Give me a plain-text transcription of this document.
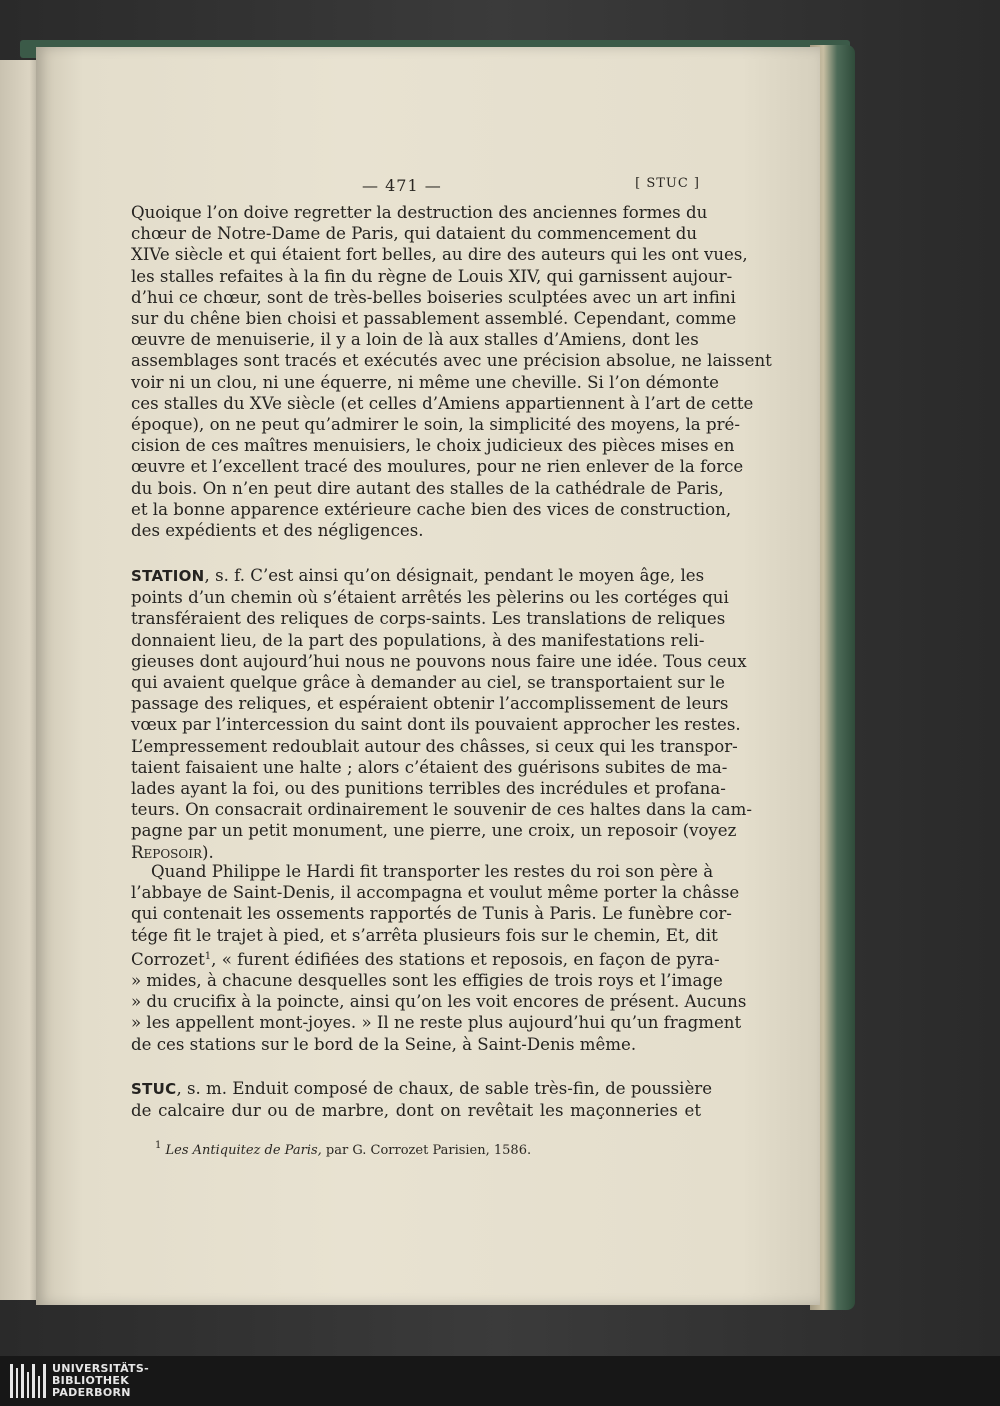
— 471 —	[ STUC ]
Quoique l’on doive regretter la destruction des anciennes formes du
chœur de Notre-Dame de Paris, qui dataient du commencement du
XIVe siècle et qui étaient fort belles, au dire des auteurs qui les ont vues,
les stalles refaites à la fin du règne de Louis XIV, qui garnissent aujour-
d’hui ce chœur, sont de très-belles boiseries sculptées avec un art infini
sur du chêne bien choisi et passablement assemblé. Cependant, comme
œuvre de menuiserie, il y a loin de là aux stalles d’Amiens, dont les
assemblages sont tracés et exécutés avec une précision absolue, ne laissent
voir ni un clou, ni une équerre, ni même une cheville. Si l’on démonte
ces stalles du XVe siècle (et celles d’Amiens appartiennent à l’art de cette
époque), on ne peut qu’admirer le soin, la simplicité des moyens, la pré-
cision de ces maîtres menuisiers, le choix judicieux des pièces mises en
œuvre et l’excellent tracé des moulures, pour ne rien enlever de la force
du bois. On n’en peut dire autant des stalles de la cathédrale de Paris,
et la bonne apparence extérieure cache bien des vices de construction,
des expédients et des négligences.
STATION, s. f. C’est ainsi qu’on désignait, pendant le moyen âge, les
points d’un chemin où s’étaient arrêtés les pèlerins ou les cortéges qui
transféraient des reliques de corps-saints. Les translations de reliques
donnaient lieu, de la part des populations, à des manifestations reli-
gieuses dont aujourd’hui nous ne pouvons nous faire une idée. Tous ceux
qui avaient quelque grâce à demander au ciel, se transportaient sur le
passage des reliques, et espéraient obtenir l’accomplissement de leurs
vœux par l’intercession du saint dont ils pouvaient approcher les restes.
L’empressement redoublait autour des châsses, si ceux qui les transpor-
taient faisaient une halte ; alors c’étaient des guérisons subites de ma-
lades ayant la foi, ou des punitions terribles des incrédules et profana-
teurs. On consacrait ordinairement le souvenir de ces haltes dans la cam-
pagne par un petit monument, une pierre, une croix, un reposoir (voyez
Reposoir).
Quand Philippe le Hardi fit transporter les restes du roi son père à
l’abbaye de Saint-Denis, il accompagna et voulut même porter la châsse
qui contenait les ossements rapportés de Tunis à Paris. Le funèbre cor-
tége fit le trajet à pied, et s’arrêta plusieurs fois sur le chemin, Et, dit
Corrozet$^1$, « furent édifiées des stations et reposois, en façon de pyra-
» mides, à chacune desquelles sont les effigies de trois roys et l’image
» du crucifix à la poincte, ainsi qu’on les voit encores de présent. Aucuns
» les appellent mont-joyes. » Il ne reste plus aujourd’hui qu’un fragment
de ces stations sur le bord de la Seine, à Saint-Denis même.
STUC, s. m. Enduit composé de chaux, de sable très-fin, de poussière
de calcaire dur ou de marbre, dont on revêtait les maçonneries et
$^1$ Les Antiquitez de Paris, par G. Corrozet Parisien, 1586.
UNIVERSITÄTS-
BIBLIOTHEK
PADERBORN
